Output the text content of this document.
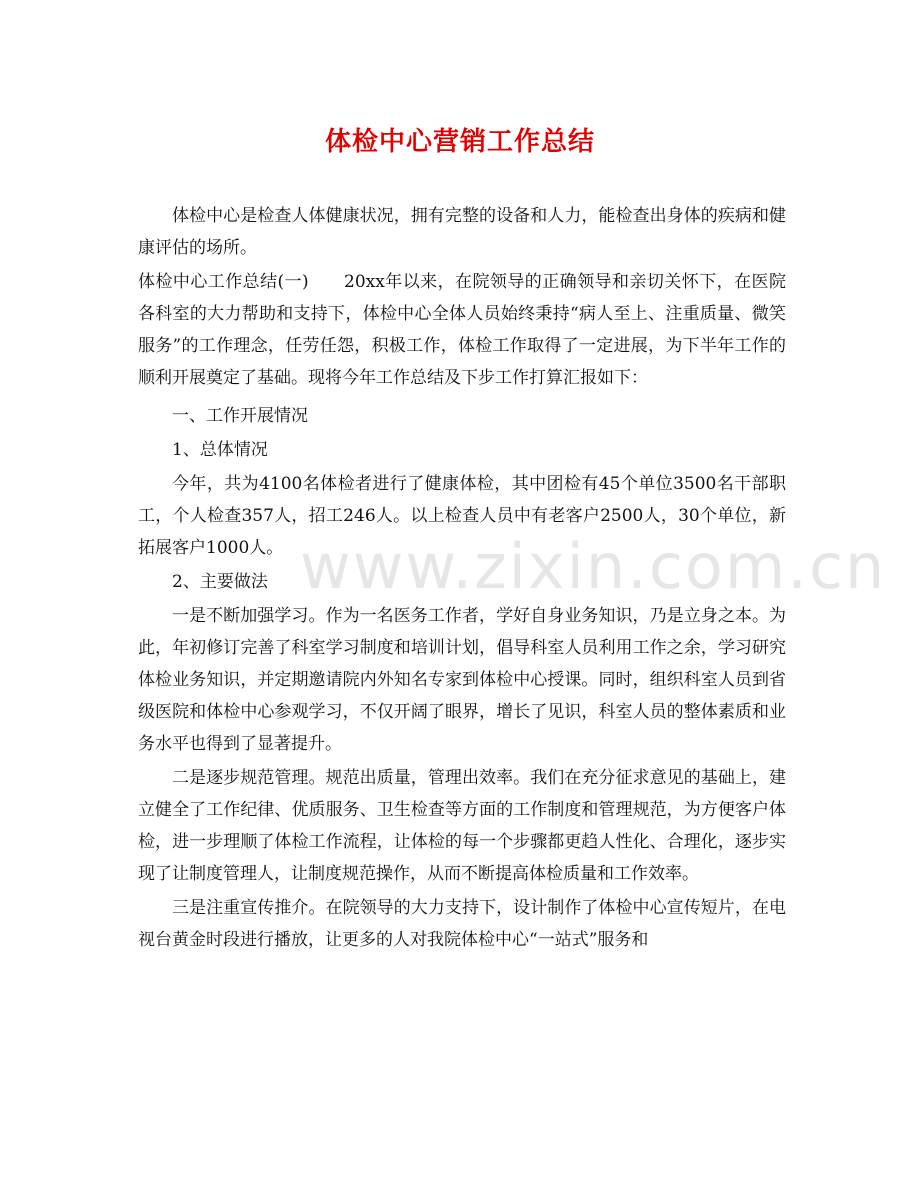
www.zixin.com.cn
体检中心营销工作总结

体检中心是检查人体健康状况，拥有完整的设备和人力，能检查出身体的疾病和健康评估的场所。

体检中心工作总结(一)　　20xx年以来，在院领导的正确领导和亲切关怀下，在医院各科室的大力帮助和支持下，体检中心全体人员始终秉持“病人至上、注重质量、微笑服务”的工作理念，任劳任怨，积极工作，体检工作取得了一定进展，为下半年工作的顺利开展奠定了基础。现将今年工作总结及下步工作打算汇报如下：

一、工作开展情况

1、总体情况

今年，共为4100名体检者进行了健康体检，其中团检有45个单位3500名干部职工，个人检查357人，招工246人。以上检查人员中有老客户2500人，30个单位，新拓展客户1000人。

2、主要做法

一是不断加强学习。作为一名医务工作者，学好自身业务知识，乃是立身之本。为此，年初修订完善了科室学习制度和培训计划，倡导科室人员利用工作之余，学习研究体检业务知识，并定期邀请院内外知名专家到体检中心授课。同时，组织科室人员到省级医院和体检中心参观学习，不仅开阔了眼界，增长了见识，科室人员的整体素质和业务水平也得到了显著提升。

二是逐步规范管理。规范出质量，管理出效率。我们在充分征求意见的基础上，建立健全了工作纪律、优质服务、卫生检查等方面的工作制度和管理规范，为方便客户体检，进一步理顺了体检工作流程，让体检的每一个步骤都更趋人性化、合理化，逐步实现了让制度管理人，让制度规范操作，从而不断提高体检质量和工作效率。

三是注重宣传推介。在院领导的大力支持下，设计制作了体检中心宣传短片，在电视台黄金时段进行播放，让更多的人对我院体检中心“一站式”服务和
